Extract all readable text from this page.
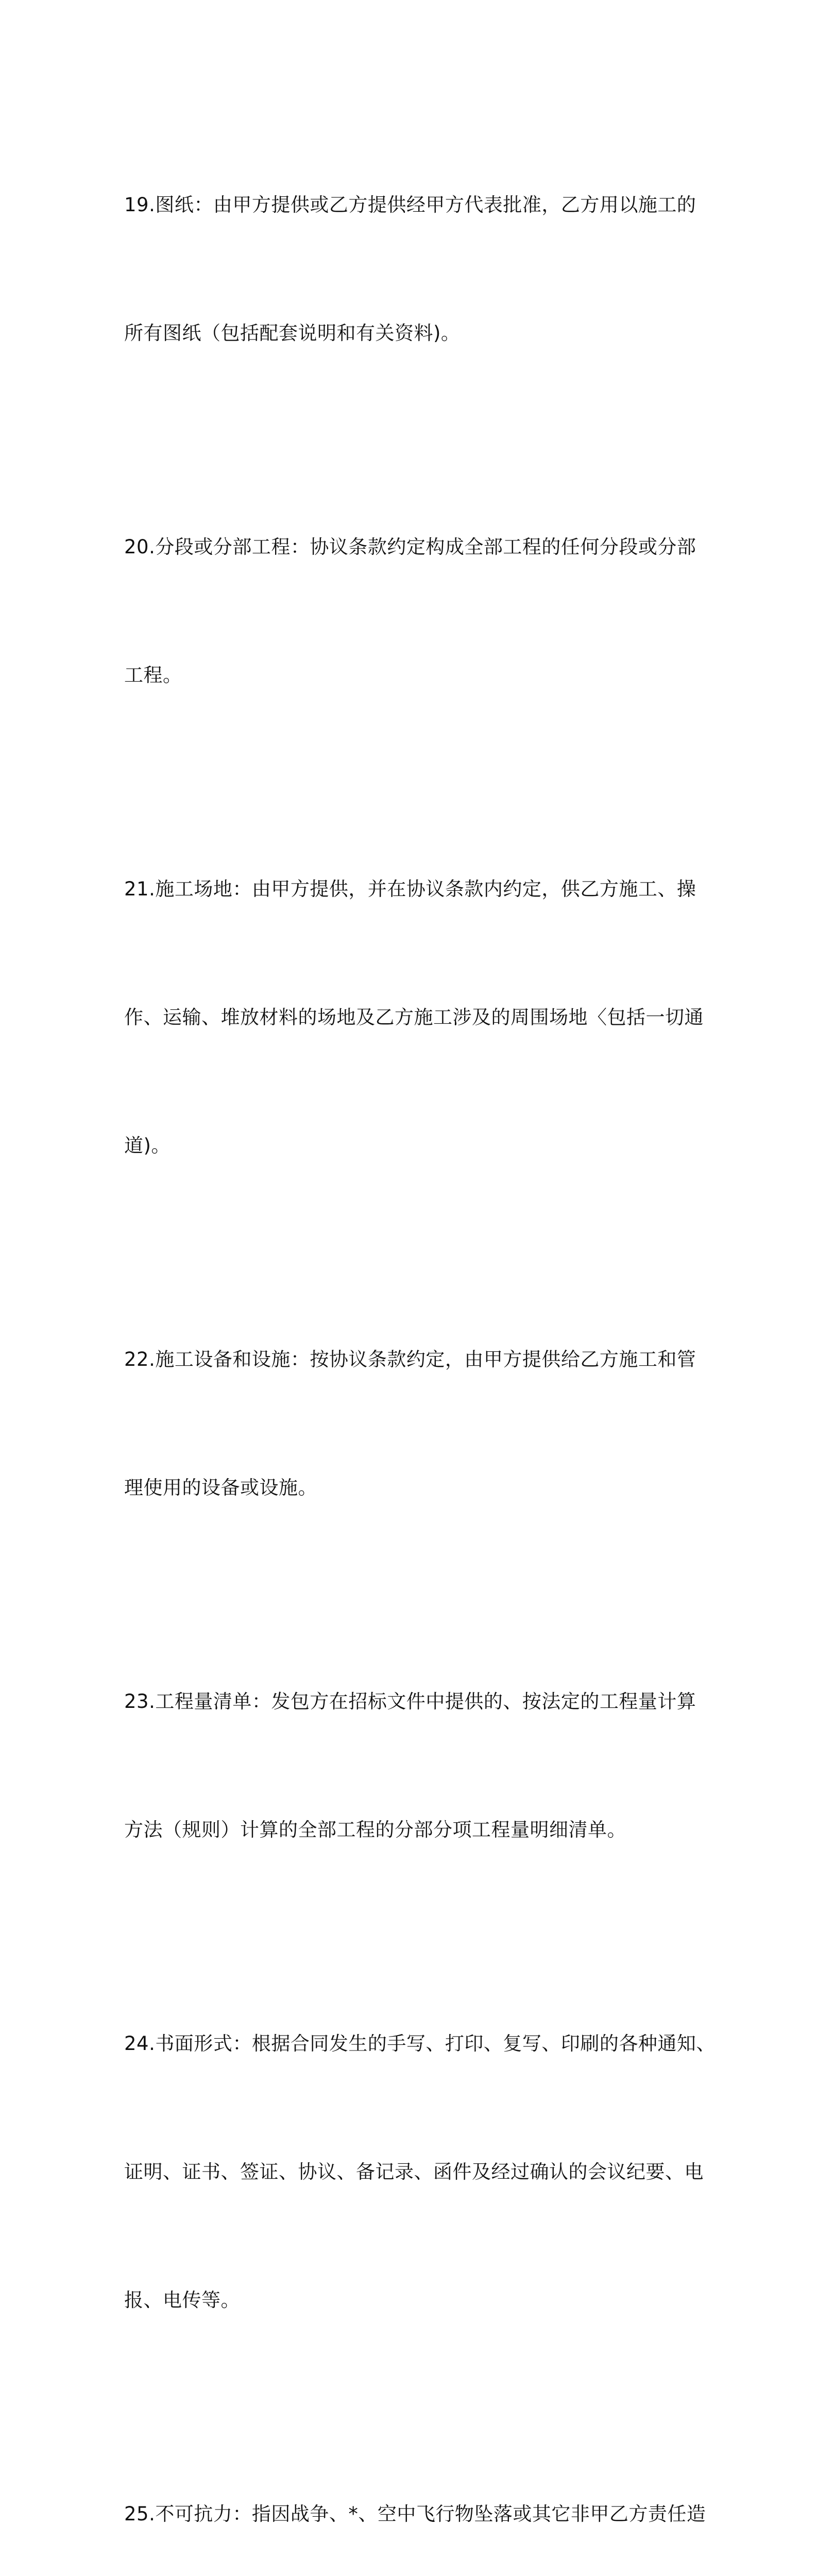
19.图纸：由甲方提供或乙方提供经甲方代表批准，乙方用以施工的

所有图纸（包括配套说明和有关资料)。

20.分段或分部工程：协议条款约定构成全部工程的任何分段或分部

工程。

21.施工场地：由甲方提供，并在协议条款内约定，供乙方施工、操

作、运输、堆放材料的场地及乙方施工涉及的周围场地〈包括一切通

道)。

22.施工设备和设施：按协议条款约定，由甲方提供给乙方施工和管

理使用的设备或设施。

23.工程量清单：发包方在招标文件中提供的、按法定的工程量计算

方法（规则）计算的全部工程的分部分项工程量明细清单。

24.书面形式：根据合同发生的手写、打印、复写、印刷的各种通知、

证明、证书、签证、协议、备记录、函件及经过确认的会议纪要、电

报、电传等。

25.不可抗力：指因战争、*、空中飞行物坠落或其它非甲乙方责任造
